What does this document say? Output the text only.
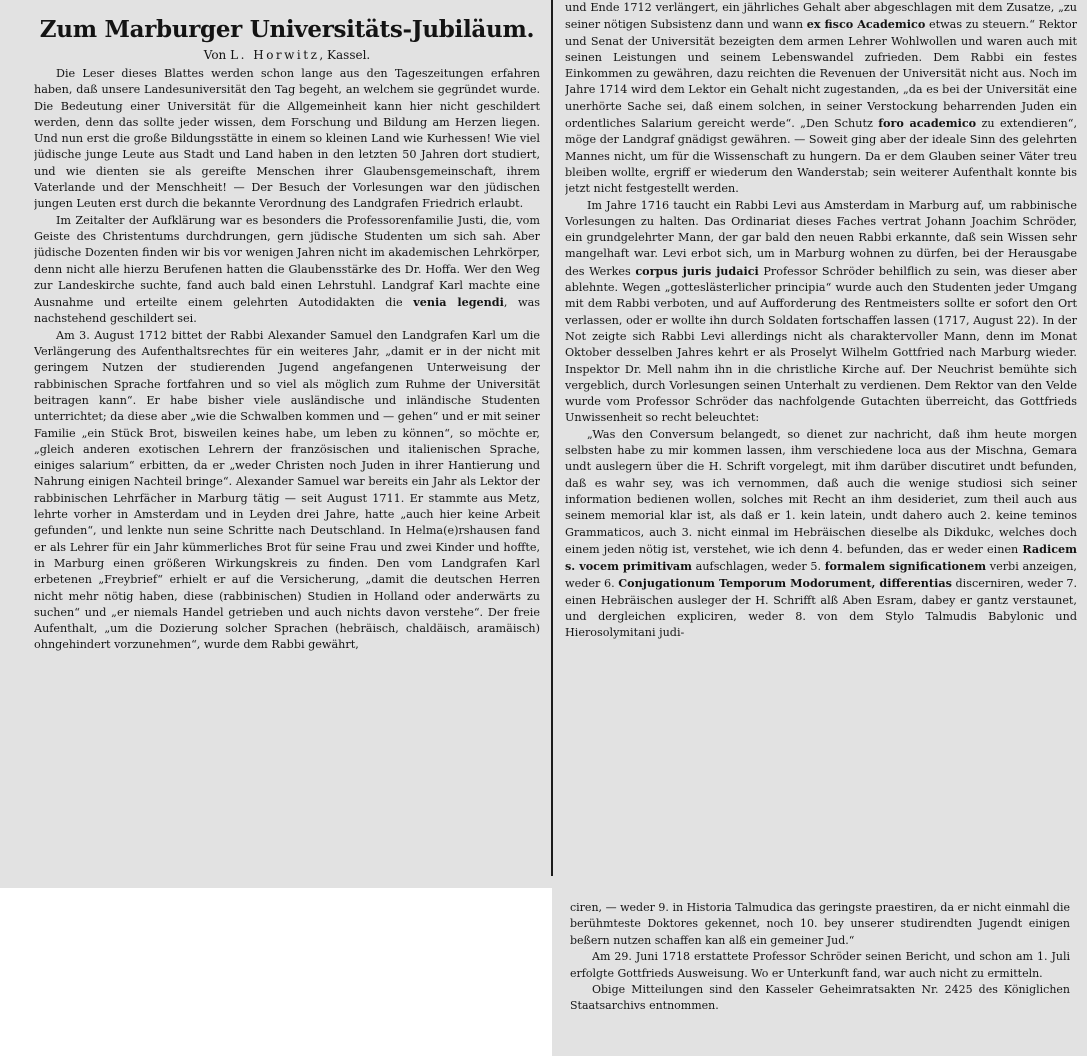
Zum Marburger Universitäts-Jubiläum.
Von L. Horwitz, Kassel.

Die Leser dieses Blattes werden schon lange aus den Tageszeitungen erfahren haben, daß unsere Landesuniversität den Tag begeht, an welchem sie gegründet wurde. Die Bedeutung einer Universität für die Allgemeinheit kann hier nicht geschildert werden, denn das sollte jeder wissen, dem Forschung und Bildung am Herzen liegen. Und nun erst die große Bildungsstätte in einem so kleinen Land wie Kurhessen! Wie viel jüdische junge Leute aus Stadt und Land haben in den letzten 50 Jahren dort studiert, und wie dienten sie als gereifte Menschen ihrer Glaubensgemeinschaft, ihrem Vaterlande und der Menschheit! — Der Besuch der Vorlesungen war den jüdischen jungen Leuten erst durch die bekannte Verordnung des Landgrafen Friedrich erlaubt.

Im Zeitalter der Aufklärung war es besonders die Professorenfamilie Justi, die, vom Geiste des Christentums durchdrungen, gern jüdische Studenten um sich sah. Aber jüdische Dozenten finden wir bis vor wenigen Jahren nicht im akademischen Lehrkörper, denn nicht alle hierzu Berufenen hatten die Glaubensstärke des Dr. Hoffa. Wer den Weg zur Landeskirche suchte, fand auch bald einen Lehrstuhl. Landgraf Karl machte eine Ausnahme und erteilte einem gelehrten Autodidakten die venia legendi, was nachstehend geschildert sei.

Am 3. August 1712 bittet der Rabbi Alexander Samuel den Landgrafen Karl um die Verlängerung des Aufenthaltsrechtes für ein weiteres Jahr, „damit er in der nicht mit geringem Nutzen der studierenden Jugend angefangenen Unterweisung der rabbinischen Sprache fortfahren und so viel als möglich zum Ruhme der Universität beitragen kann“. Er habe bisher viele ausländische und inländische Studenten unterrichtet; da diese aber „wie die Schwalben kommen und — gehen“ und er mit seiner Familie „ein Stück Brot, bisweilen keines habe, um leben zu können“, so möchte er, „gleich anderen exotischen Lehrern der französischen und italienischen Sprache, einiges salarium“ erbitten, da er „weder Christen noch Juden in ihrer Hantierung und Nahrung einigen Nachteil bringe“. Alexander Samuel war bereits ein Jahr als Lektor der rabbinischen Lehrfächer in Marburg tätig — seit August 1711. Er stammte aus Metz, lehrte vorher in Amsterdam und in Leyden drei Jahre, hatte „auch hier keine Arbeit gefunden“, und lenkte nun seine Schritte nach Deutschland. In Helma(e)rshausen fand er als Lehrer für ein Jahr kümmerliches Brot für seine Frau und zwei Kinder und hoffte, in Marburg einen größeren Wirkungskreis zu finden. Den vom Landgrafen Karl erbetenen „Freybrief“ erhielt er auf die Versicherung, „damit die deutschen Herren nicht mehr nötig haben, diese (rabbinischen) Studien in Holland oder anderwärts zu suchen“ und „er niemals Handel getrieben und auch nichts davon verstehe“. Der freie Aufenthalt, „um die Dozierung solcher Sprachen (hebräisch, chaldäisch, aramäisch) ohngehindert vorzunehmen“, wurde dem Rabbi gewährt,

und Ende 1712 verlängert, ein jährliches Gehalt aber abgeschlagen mit dem Zusatze, „zu seiner nötigen Subsistenz dann und wann ex fisco Academico etwas zu steuern.“ Rektor und Senat der Universität bezeigten dem armen Lehrer Wohlwollen und waren auch mit seinen Leistungen und seinem Lebenswandel zufrieden. Dem Rabbi ein festes Einkommen zu gewähren, dazu reichten die Revenuen der Universität nicht aus. Noch im Jahre 1714 wird dem Lektor ein Gehalt nicht zugestanden, „da es bei der Universität eine unerhörte Sache sei, daß einem solchen, in seiner Verstockung beharrenden Juden ein ordentliches Salarium gereicht werde“. „Den Schutz foro academico zu extendieren“, möge der Landgraf gnädigst gewähren. — Soweit ging aber der ideale Sinn des gelehrten Mannes nicht, um für die Wissenschaft zu hungern. Da er dem Glauben seiner Väter treu bleiben wollte, ergriff er wiederum den Wanderstab; sein weiterer Aufenthalt konnte bis jetzt nicht festgestellt werden.

Im Jahre 1716 taucht ein Rabbi Levi aus Amsterdam in Marburg auf, um rabbinische Vorlesungen zu halten. Das Ordinariat dieses Faches vertrat Johann Joachim Schröder, ein grundgelehrter Mann, der gar bald den neuen Rabbi erkannte, daß sein Wissen sehr mangelhaft war. Levi erbot sich, um in Marburg wohnen zu dürfen, bei der Herausgabe des Werkes corpus juris judaici Professor Schröder behilflich zu sein, was dieser aber ablehnte. Wegen „gotteslästerlicher principia“ wurde auch den Studenten jeder Umgang mit dem Rabbi verboten, und auf Aufforderung des Rentmeisters sollte er sofort den Ort verlassen, oder er wollte ihn durch Soldaten fortschaffen lassen (1717, August 22). In der Not zeigte sich Rabbi Levi allerdings nicht als charaktervoller Mann, denn im Monat Oktober desselben Jahres kehrt er als Proselyt Wilhelm Gottfried nach Marburg wieder. Inspektor Dr. Mell nahm ihn in die christliche Kirche auf. Der Neuchrist bemühte sich vergeblich, durch Vorlesungen seinen Unterhalt zu verdienen. Dem Rektor van den Velde wurde vom Professor Schröder das nachfolgende Gutachten überreicht, das Gottfrieds Unwissenheit so recht beleuchtet:

„Was den Conversum belangedt, so dienet zur nachricht, daß ihm heute morgen selbsten habe zu mir kommen lassen, ihm verschiedene loca aus der Mischna, Gemara undt auslegern über die H. Schrift vorgelegt, mit ihm darüber discutiret undt befunden, daß es wahr sey, was ich vernommen, daß auch die wenige studiosi sich seiner information bedienen wollen, solches mit Recht an ihm desideriet, zum theil auch aus seinem memorial klar ist, als daß er 1. kein latein, undt dahero auch 2. keine teminos Grammaticos, auch 3. nicht einmal im Hebräischen dieselbe als Dikdukc, welches doch einem jeden nötig ist, verstehet, wie ich denn 4. befunden, das er weder einen Radicem s. vocem primitivam aufschlagen, weder 5. formalem significationem verbi anzeigen, weder 6. Conjugationum Temporum Modorument, differentias discerniren, weder 7. einen Hebräischen ausleger der H. Schrifft alß Aben Esram, dabey er gantz verstaunet, und dergleichen expliciren, weder 8. von dem Stylo Talmudis Babylonic und Hierosolymitani judi-

ciren, — weder 9. in Historia Talmudica das geringste praestiren, da er nicht einmahl die berühmteste Doktores gekennet, noch 10. bey unserer studirendten Jugendt einigen beßern nutzen schaffen kan alß ein gemeiner Jud.“

Am 29. Juni 1718 erstattete Professor Schröder seinen Bericht, und schon am 1. Juli erfolgte Gottfrieds Ausweisung. Wo er Unterkunft fand, war auch nicht zu ermitteln.

Obige Mitteilungen sind den Kasseler Geheimratsakten Nr. 2425 des Königlichen Staatsarchivs entnommen.
